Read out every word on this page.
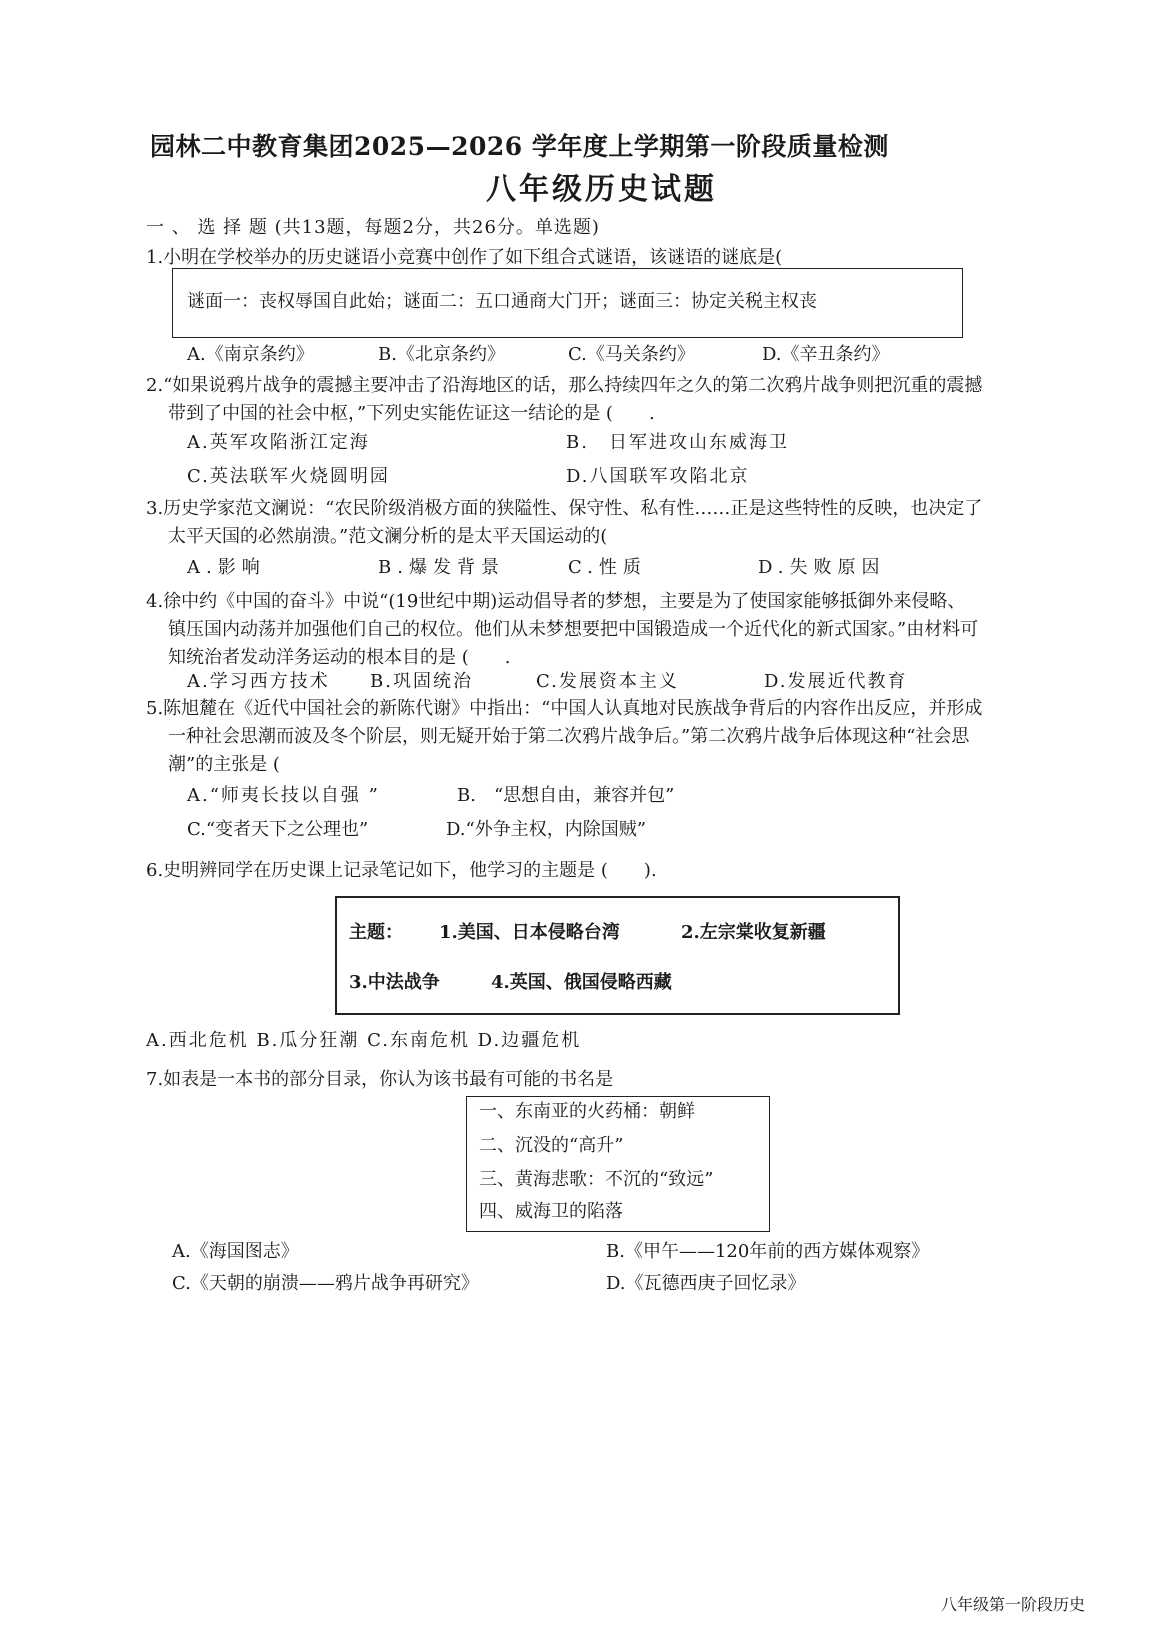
园林二中教育集团2025—2026 学年度上学期第一阶段质量检测
八年级历史试题
一 、 选 择 题 (共13题，每题2分，共26分。单选题)
1.小明在学校举办的历史谜语小竞赛中创作了如下组合式谜语，该谜语的谜底是(
谜面一：丧权辱国自此始；谜面二：五口通商大门开；谜面三：协定关税主权丧
A.《南京条约》	B.《北京条约》	C.《马关条约》	D.《辛丑条约》
2.“如果说鸦片战争的震撼主要冲击了沿海地区的话，那么持续四年之久的第二次鸦片战争则把沉重的震撼
带到了中国的社会中枢，”下列史实能佐证这一结论的是 (　　.
A.英军攻陷浙江定海	B.　日军进攻山东威海卫
C.英法联军火烧圆明园	D.八国联军攻陷北京
3.历史学家范文澜说：“农民阶级消极方面的狭隘性、保守性、私有性……正是这些特性的反映，也决定了
太平天国的必然崩溃。”范文澜分析的是太平天国运动的(
A.影响	B.爆发背景	C.性质	D.失败原因
4.徐中约《中国的奋斗》中说“(19世纪中期)运动倡导者的梦想，主要是为了使国家能够抵御外来侵略、
镇压国内动荡并加强他们自己的权位。他们从未梦想要把中国锻造成一个近代化的新式国家。”由材料可
知统治者发动洋务运动的根本目的是 (　　.
A.学习西方技术 B.巩固统治	C.发展资本主义	D.发展近代教育
5.陈旭麓在《近代中国社会的新陈代谢》中指出：“中国人认真地对民族战争背后的内容作出反应，并形成
一种社会思潮而波及冬个阶层，则无疑开始于第二次鸦片战争后。”第二次鸦片战争后体现这种“社会思
潮”的主张是 (
A.“师夷长技以自强 ”	B.　“思想自由，兼容并包”
C.“变者天下之公理也”	D.“外争主权，内除国贼”
6.史明辨同学在历史课上记录笔记如下，他学习的主题是 (　　).
主题： 1.美国、日本侵略台湾	2.左宗棠收复新疆
3.中法战争	4.英国、俄国侵略西藏
A.西北危机 B.瓜分狂潮 C.东南危机 D.边疆危机
7.如表是一本书的部分目录，你认为该书最有可能的书名是
一、东南亚的火药桶：朝鲜
二、沉没的“高升”
三、黄海悲歌：不沉的“致远”
四、威海卫的陷落
A.《海国图志》	B.《甲午——120年前的西方媒体观察》
C.《天朝的崩溃——鸦片战争再研究》	D.《瓦德西庚子回忆录》
八年级第一阶段历史
